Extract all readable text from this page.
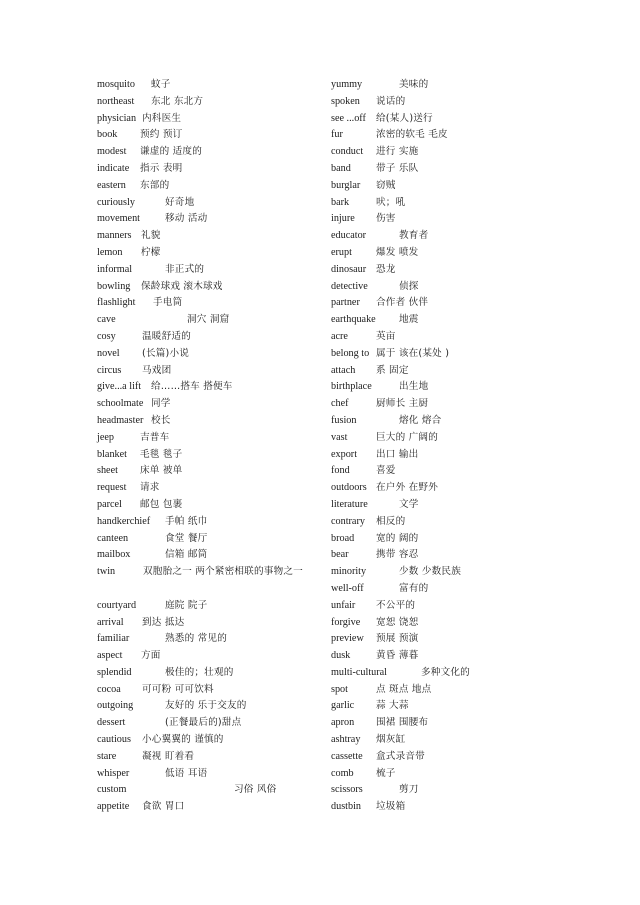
mosquito 蚊子
northeast 东北 东北方
physician 内科医生
book 预约 预订
modest 谦虚的 适度的
indicate 指示 表明
eastern 东部的
curiously	好奇地
movement	移动 活动
manners 礼貌
lemon 柠檬
informal	非正式的
bowling 保龄球戏 滚木球戏
flashlight 手电筒
cave	洞穴 洞窟
cosy	温暖舒适的
novel (长篇)小说
circus 马戏团
give...a lift 给……搭车 搭便车
schoolmate 同学
headmaster 校长
jeep	吉普车
blanket 毛毯 毯子
sheet 床单 被单
request 请求
parcel 邮包 包裹
handkerchief 手帕 纸巾
canteen	食堂 餐厅
mailbox	信箱 邮筒
twin	双胞胎之一 两个紧密相联的事物之一
courtyard	庭院 院子
arrival 到达 抵达
familiar	熟悉的 常见的
aspect 方面
splendid	极佳的；壮观的
cocoa 可可粉 可可饮料
outgoing	友好的 乐于交友的
dessert	(正餐最后的)甜点
cautious 小心翼翼的 谨慎的
stare	凝视 盯着看
whisper	低语 耳语
custom	习俗 风俗
appetite 食欲 胃口
yummy	美味的
spoken 说话的
see ...off 给(某人)送行
fur	浓密的软毛 毛皮
conduct 进行 实施
band	带子 乐队
burglar 窃贼
bark	吠；吼
injure 伤害
educator	教育者
erupt	爆发 喷发
dinosaur 恐龙
detective	侦探
partner 合作者 伙伴
earthquake 地震
acre	英亩
belong to 属于 该在(某处 )
attach 系 固定
birthplace	出生地
chef	厨师长 主厨
fusion	熔化 熔合
vast	巨大的 广阔的
export 出口 输出
fond	喜爱
outdoors 在户外 在野外
literature	文学
contrary 相反的
broad 宽的 阔的
bear	携带 容忍
minority	少数 少数民族
well-off	富有的
unfair 不公平的
forgive 宽恕 饶恕
preview 预展 预演
dusk	黄昏 薄暮
multi-cultural	多种文化的
spot	点 斑点 地点
garlic 蒜 大蒜
apron 围裙 围腰布
ashtray 烟灰缸
cassette 盒式录音带
comb 梳子
scissors	剪刀
dustbin 垃圾箱
